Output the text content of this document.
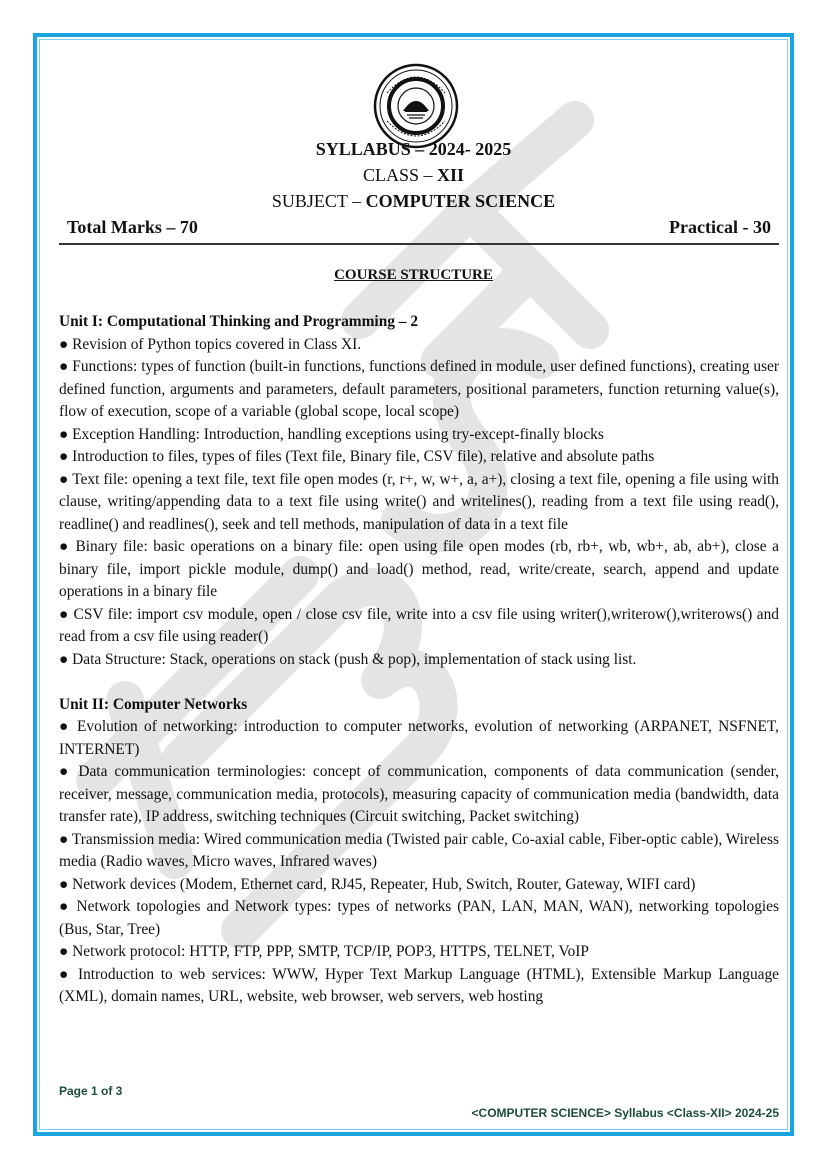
SYLLABUS – 2024- 2025
CLASS – XII
SUBJECT – COMPUTER SCIENCE
Total Marks – 70	Practical - 30
COURSE STRUCTURE

Unit I: Computational Thinking and Programming – 2

● Revision of Python topics covered in Class XI.

● Functions: types of function (built-in functions, functions defined in module, user defined functions), creating user defined function, arguments and parameters, default parameters, positional parameters, function returning value(s), flow of execution, scope of a variable (global scope, local scope)

● Exception Handling: Introduction, handling exceptions using try-except-finally blocks

● Introduction to files, types of files (Text file, Binary file, CSV file), relative and absolute paths

● Text file: opening a text file, text file open modes (r, r+, w, w+, a, a+), closing a text file, opening a file using with clause, writing/appending data to a text file using write() and writelines(), reading from a text file using read(), readline() and readlines(), seek and tell methods, manipulation of data in a text file

● Binary file: basic operations on a binary file: open using file open modes (rb, rb+, wb, wb+, ab, ab+), close a binary file, import pickle module, dump() and load() method, read, write/create, search, append and update operations in a binary file

● CSV file: import csv module, open / close csv file, write into a csv file using writer(),writerow(),writerows() and read from a csv file using reader()

● Data Structure: Stack, operations on stack (push & pop), implementation of stack using list.

Unit II: Computer Networks

● Evolution of networking: introduction to computer networks, evolution of networking (ARPANET, NSFNET, INTERNET)

● Data communication terminologies: concept of communication, components of data communication (sender, receiver, message, communication media, protocols), measuring capacity of communication media (bandwidth, data transfer rate), IP address, switching techniques (Circuit switching, Packet switching)

● Transmission media: Wired communication media (Twisted pair cable, Co-axial cable, Fiber-optic cable), Wireless media (Radio waves, Micro waves, Infrared waves)

● Network devices (Modem, Ethernet card, RJ45, Repeater, Hub, Switch, Router, Gateway, WIFI card)

● Network topologies and Network types: types of networks (PAN, LAN, MAN, WAN), networking topologies (Bus, Star, Tree)

● Network protocol: HTTP, FTP, PPP, SMTP, TCP/IP, POP3, HTTPS, TELNET, VoIP

● Introduction to web services: WWW, Hyper Text Markup Language (HTML), Extensible Markup Language (XML), domain names, URL, website, web browser, web servers, web hosting

Page 1 of 3
<COMPUTER SCIENCE> Syllabus <Class-XII> 2024-25
